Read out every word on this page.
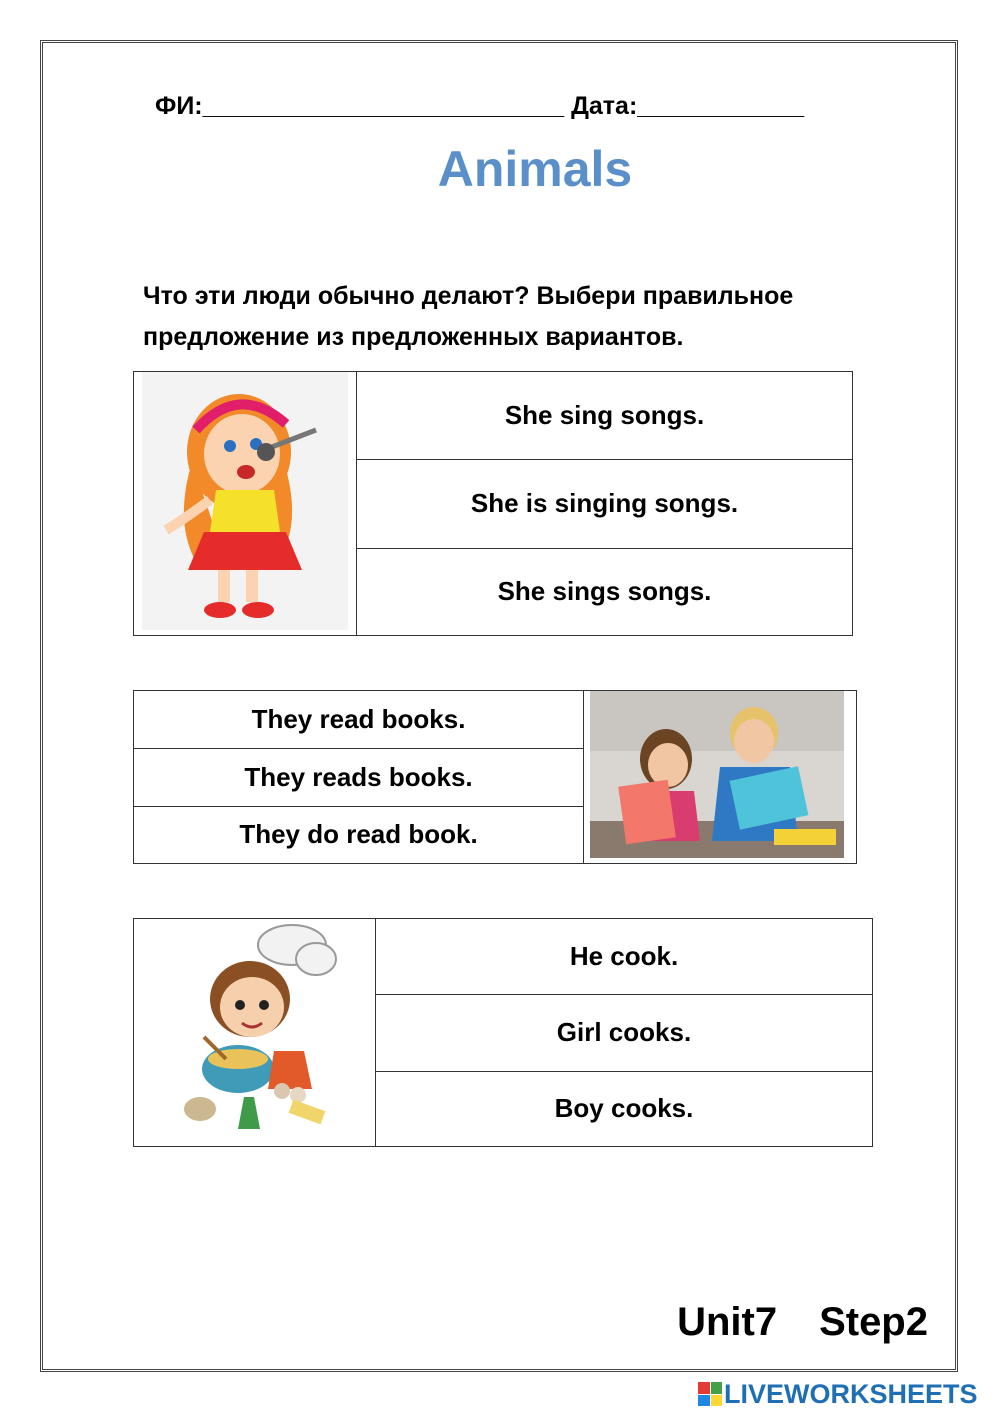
ФИ:__________________________ Дата:____________
Animals
Что эти люди обычно делают? Выбери правильное
предложение из предложенных вариантов.
	She sing songs.
She is singing songs.
She sings songs.
They read books.	
They reads books.
They do read book.
	He cook.
Girl cooks.
Boy cooks.
Unit7 Step2
LIVEWORKSHEETS
